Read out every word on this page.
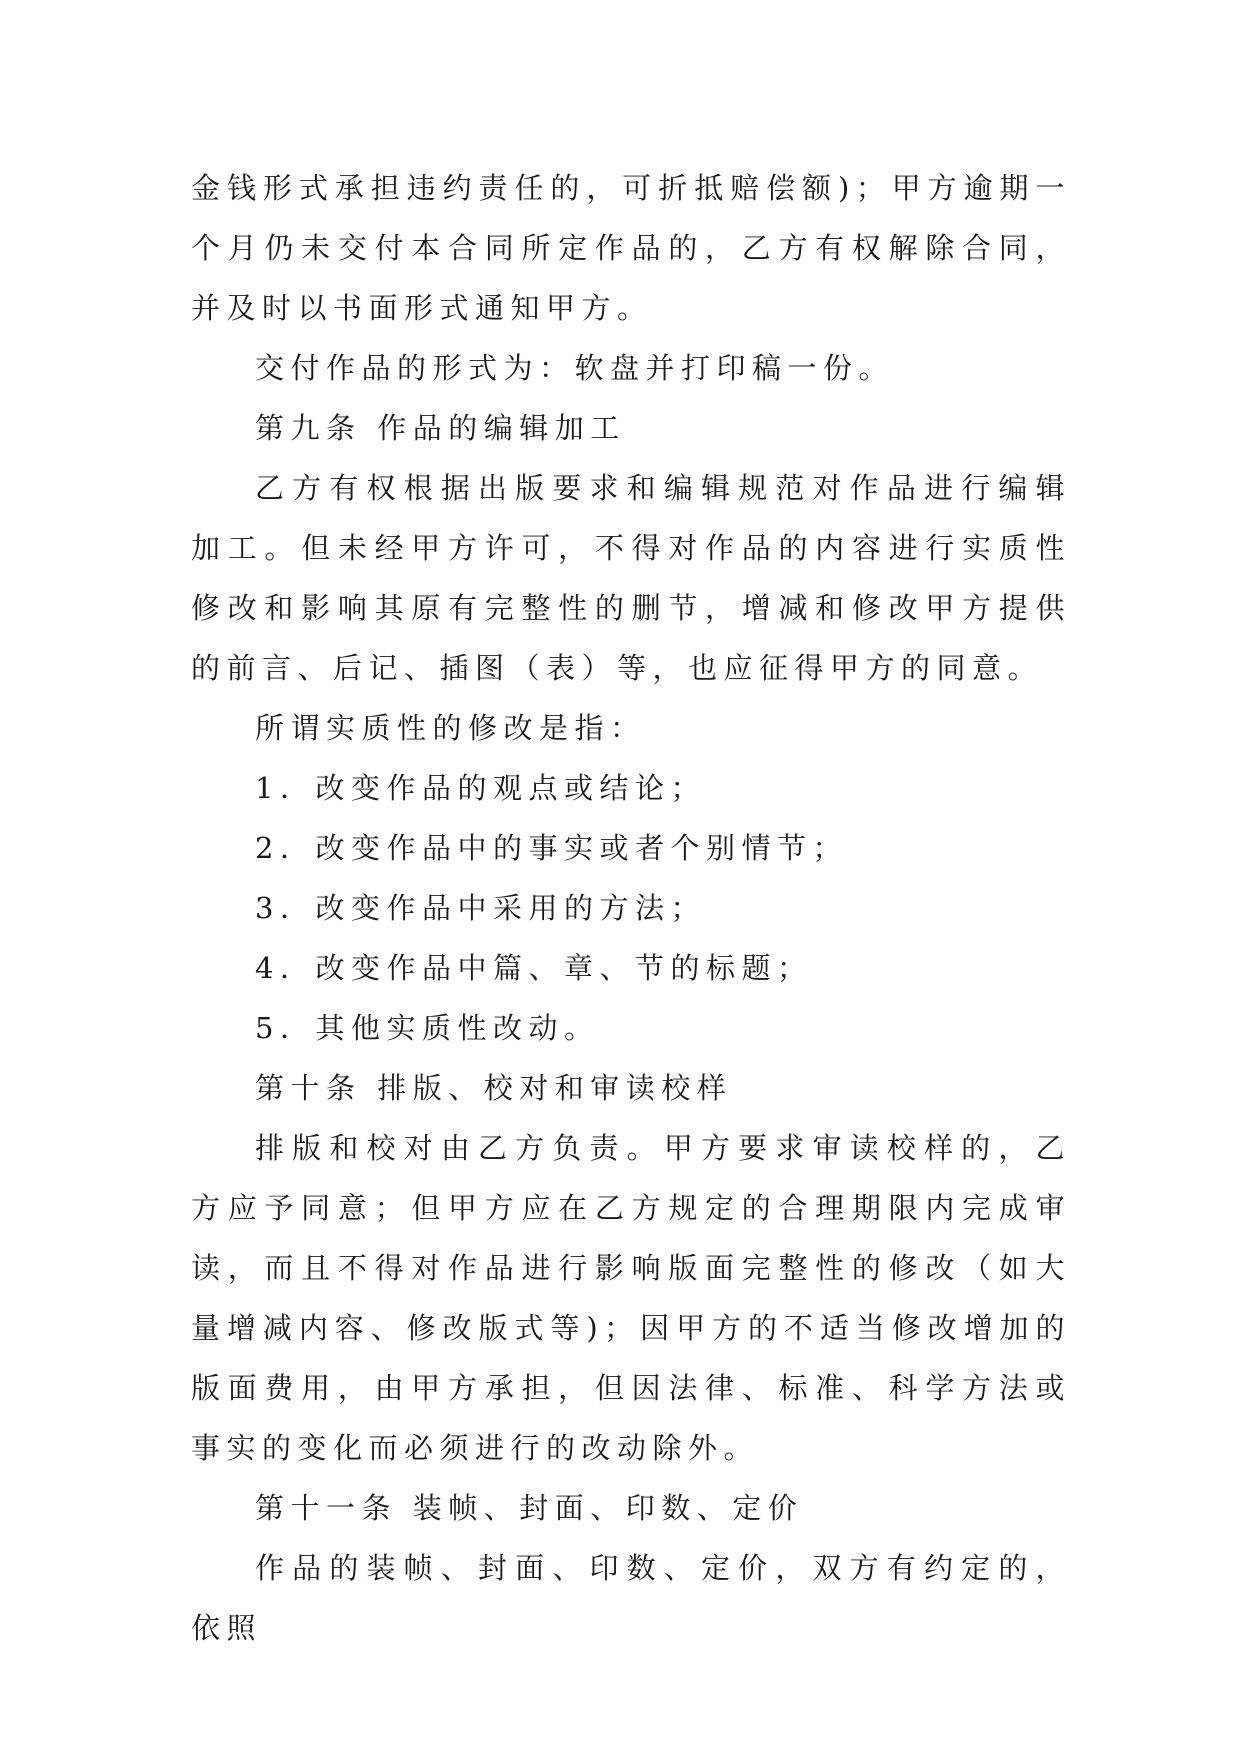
金钱形式承担违约责任的，可折抵赔偿额)；甲方逾期一个月仍未交付本合同所定作品的，乙方有权解除合同，并及时以书面形式通知甲方。

交付作品的形式为：软盘并打印稿一份。

第九条 作品的编辑加工

乙方有权根据出版要求和编辑规范对作品进行编辑加工。但未经甲方许可，不得对作品的内容进行实质性修改和影响其原有完整性的删节，增减和修改甲方提供的前言、后记、插图（表）等，也应征得甲方的同意。

所谓实质性的修改是指：

1．改变作品的观点或结论；

2．改变作品中的事实或者个别情节；

3．改变作品中采用的方法；

4．改变作品中篇、章、节的标题；

5．其他实质性改动。

第十条 排版、校对和审读校样

排版和校对由乙方负责。甲方要求审读校样的，乙方应予同意；但甲方应在乙方规定的合理期限内完成审读，而且不得对作品进行影响版面完整性的修改（如大量增减内容、修改版式等)；因甲方的不适当修改增加的版面费用，由甲方承担，但因法律、标准、科学方法或事实的变化而必须进行的改动除外。

第十一条 装帧、封面、印数、定价

作品的装帧、封面、印数、定价，双方有约定的，依照
